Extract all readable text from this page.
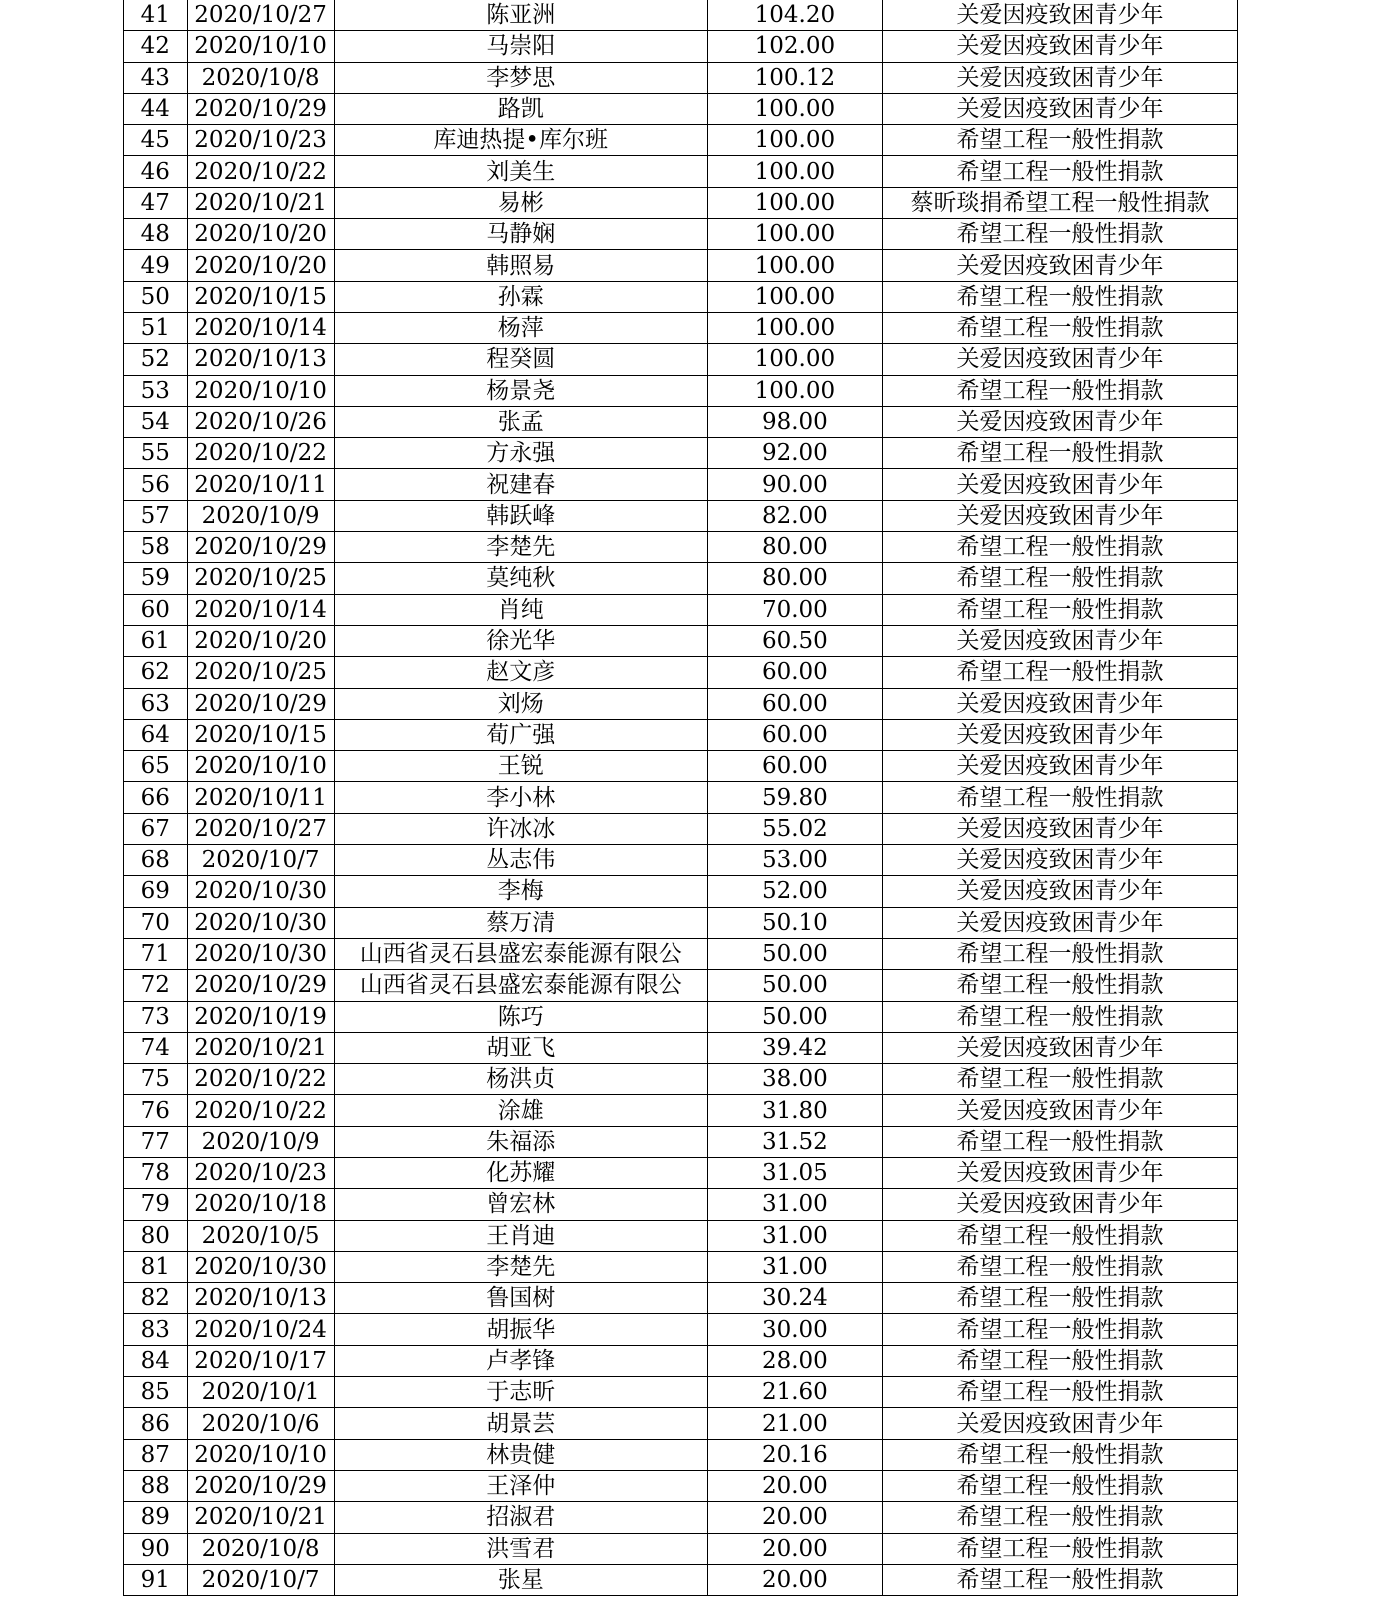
41	2020/10/27	陈亚洲	104.20	关爱因疫致困青少年
42	2020/10/10	马崇阳	102.00	关爱因疫致困青少年
43	2020/10/8	李梦思	100.12	关爱因疫致困青少年
44	2020/10/29	路凯	100.00	关爱因疫致困青少年
45	2020/10/23	库迪热提•库尔班	100.00	希望工程一般性捐款
46	2020/10/22	刘美生	100.00	希望工程一般性捐款
47	2020/10/21	易彬	100.00	蔡昕琰捐希望工程一般性捐款
48	2020/10/20	马静娴	100.00	希望工程一般性捐款
49	2020/10/20	韩照易	100.00	关爱因疫致困青少年
50	2020/10/15	孙霖	100.00	希望工程一般性捐款
51	2020/10/14	杨萍	100.00	希望工程一般性捐款
52	2020/10/13	程癸圆	100.00	关爱因疫致困青少年
53	2020/10/10	杨景尧	100.00	希望工程一般性捐款
54	2020/10/26	张孟	98.00	关爱因疫致困青少年
55	2020/10/22	方永强	92.00	希望工程一般性捐款
56	2020/10/11	祝建春	90.00	关爱因疫致困青少年
57	2020/10/9	韩跃峰	82.00	关爱因疫致困青少年
58	2020/10/29	李楚先	80.00	希望工程一般性捐款
59	2020/10/25	莫纯秋	80.00	希望工程一般性捐款
60	2020/10/14	肖纯	70.00	希望工程一般性捐款
61	2020/10/20	徐光华	60.50	关爱因疫致困青少年
62	2020/10/25	赵文彦	60.00	希望工程一般性捐款
63	2020/10/29	刘炀	60.00	关爱因疫致困青少年
64	2020/10/15	荀广强	60.00	关爱因疫致困青少年
65	2020/10/10	王锐	60.00	关爱因疫致困青少年
66	2020/10/11	李小林	59.80	希望工程一般性捐款
67	2020/10/27	许冰冰	55.02	关爱因疫致困青少年
68	2020/10/7	丛志伟	53.00	关爱因疫致困青少年
69	2020/10/30	李梅	52.00	关爱因疫致困青少年
70	2020/10/30	蔡万清	50.10	关爱因疫致困青少年
71	2020/10/30	山西省灵石县盛宏泰能源有限公	50.00	希望工程一般性捐款
72	2020/10/29	山西省灵石县盛宏泰能源有限公	50.00	希望工程一般性捐款
73	2020/10/19	陈巧	50.00	希望工程一般性捐款
74	2020/10/21	胡亚飞	39.42	关爱因疫致困青少年
75	2020/10/22	杨洪贞	38.00	希望工程一般性捐款
76	2020/10/22	涂雄	31.80	关爱因疫致困青少年
77	2020/10/9	朱福添	31.52	希望工程一般性捐款
78	2020/10/23	化苏耀	31.05	关爱因疫致困青少年
79	2020/10/18	曾宏林	31.00	关爱因疫致困青少年
80	2020/10/5	王肖迪	31.00	希望工程一般性捐款
81	2020/10/30	李楚先	31.00	希望工程一般性捐款
82	2020/10/13	鲁国树	30.24	希望工程一般性捐款
83	2020/10/24	胡振华	30.00	希望工程一般性捐款
84	2020/10/17	卢孝锋	28.00	希望工程一般性捐款
85	2020/10/1	于志昕	21.60	希望工程一般性捐款
86	2020/10/6	胡景芸	21.00	关爱因疫致困青少年
87	2020/10/10	林贵健	20.16	希望工程一般性捐款
88	2020/10/29	王泽仲	20.00	希望工程一般性捐款
89	2020/10/21	招淑君	20.00	希望工程一般性捐款
90	2020/10/8	洪雪君	20.00	希望工程一般性捐款
91	2020/10/7	张星	20.00	希望工程一般性捐款
